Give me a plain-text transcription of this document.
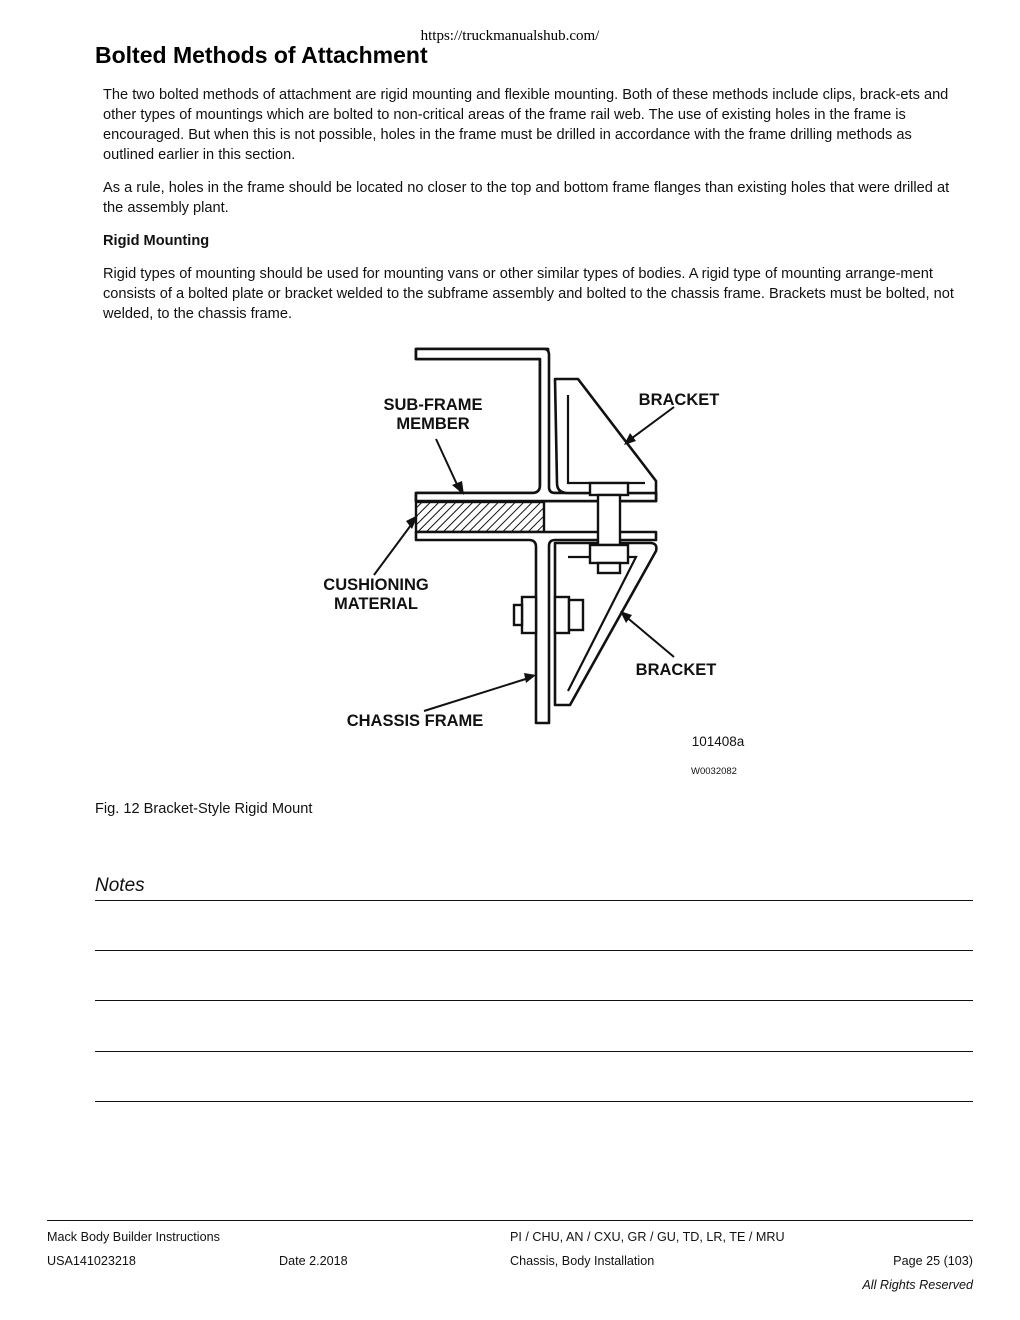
https://truckmanualshub.com/
Bolted Methods of Attachment

The two bolted methods of attachment are rigid mounting and flexible mounting. Both of these methods include clips, brack-ets and other types of mountings which are bolted to non-critical areas of the frame rail web. The use of existing holes in the frame is encouraged. But when this is not possible, holes in the frame must be drilled in accordance with the frame drilling methods as outlined earlier in this section.

As a rule, holes in the frame should be located no closer to the top and bottom frame flanges than existing holes that were drilled at the assembly plant.

Rigid Mounting

Rigid types of mounting should be used for mounting vans or other similar types of bodies. A rigid type of mounting arrange-ment consists of a bolted plate or bracket welded to the subframe assembly and bolted to the chassis frame. Brackets must be bolted, not welded, to the chassis frame.

SUB-FRAME
MEMBER
BRACKET
CUSHIONING
MATERIAL
BRACKET
CHASSIS FRAME
101408a
W0032082
Fig. 12 Bracket-Style Rigid Mount
Notes
Mack Body Builder Instructions	PI / CHU, AN / CXU, GR / GU, TD, LR, TE / MRU
USA141023218	Date 2.2018	Chassis, Body Installation	Page 25 (103)
All Rights Reserved
